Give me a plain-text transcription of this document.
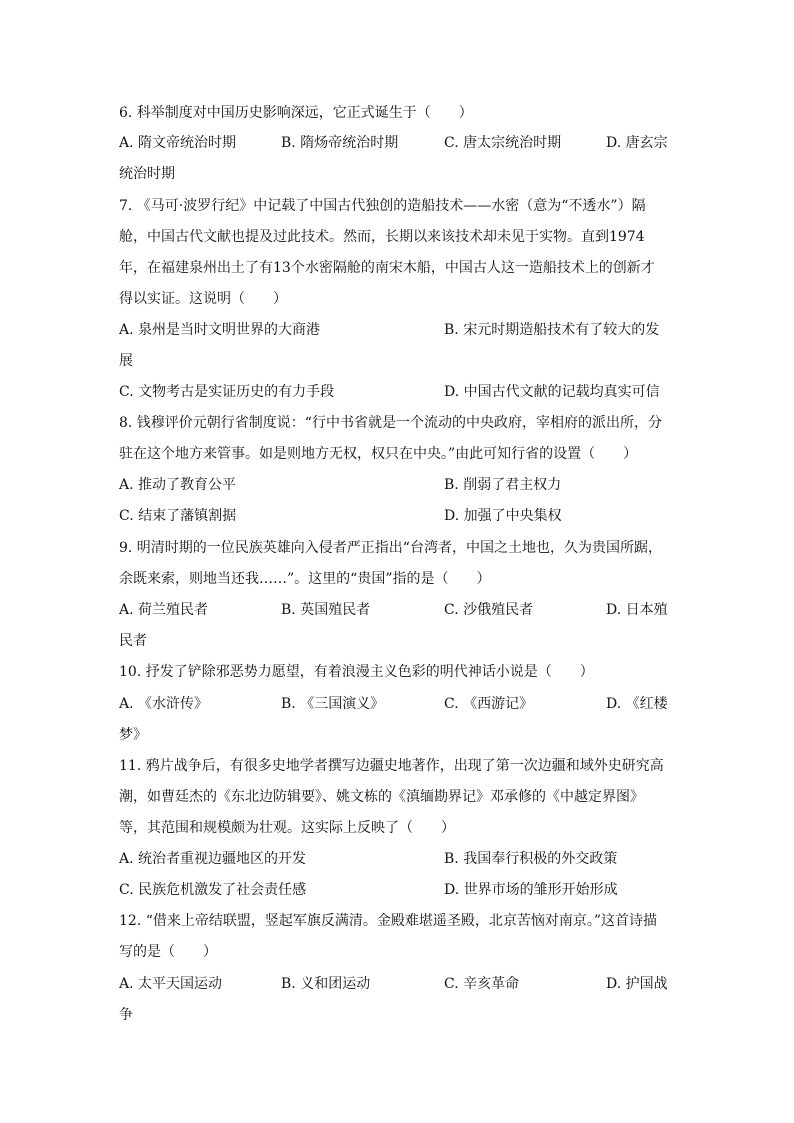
6. 科举制度对中国历史影响深远，它正式诞生于（　　）
A. 隋文帝统治时期	B. 隋炀帝统治时期	C. 唐太宗统治时期	D. 唐玄宗
统治时期
7. 《马可·波罗行纪》中记载了中国古代独创的造船技术——水密（意为“不透水”）隔
舱，中国古代文献也提及过此技术。然而，长期以来该技术却未见于实物。直到1974
年，在福建泉州出土了有13个水密隔舱的南宋木船，中国古人这一造船技术上的创新才
得以实证。这说明（　　）
A. 泉州是当时文明世界的大商港	B. 宋元时期造船技术有了较大的发
展
C. 文物考古是实证历史的有力手段	D. 中国古代文献的记载均真实可信
8. 钱穆评价元朝行省制度说：“行中书省就是一个流动的中央政府，宰相府的派出所，分
驻在这个地方来管事。如是则地方无权，权只在中央。”由此可知行省的设置（　　）
A. 推动了教育公平	B. 削弱了君主权力
C. 结束了藩镇割据	D. 加强了中央集权
9. 明清时期的一位民族英雄向入侵者严正指出“台湾者，中国之土地也，久为贵国所踞，
余既来索，则地当还我……”。这里的“贵国”指的是（　　）
A. 荷兰殖民者	B. 英国殖民者	C. 沙俄殖民者	D. 日本殖
民者
10. 抒发了铲除邪恶势力愿望，有着浪漫主义色彩的明代神话小说是（　　）
A. 《水浒传》	B. 《三国演义》	C. 《西游记》	D. 《红楼
梦》
11. 鸦片战争后，有很多史地学者撰写边疆史地著作，出现了第一次边疆和域外史研究高
潮，如曹廷杰的《东北边防辑要》、姚文栋的《滇缅勘界记》邓承修的《中越定界图》
等，其范围和规模颇为壮观。这实际上反映了（　　）
A. 统治者重视边疆地区的开发	B. 我国奉行积极的外交政策
C. 民族危机激发了社会责任感	D. 世界市场的雏形开始形成
12. “借来上帝结联盟，竖起军旗反满清。金殿难堪遥圣殿，北京苦恼对南京。”这首诗描
写的是（　　）
A. 太平天国运动	B. 义和团运动	C. 辛亥革命	D. 护国战
争
